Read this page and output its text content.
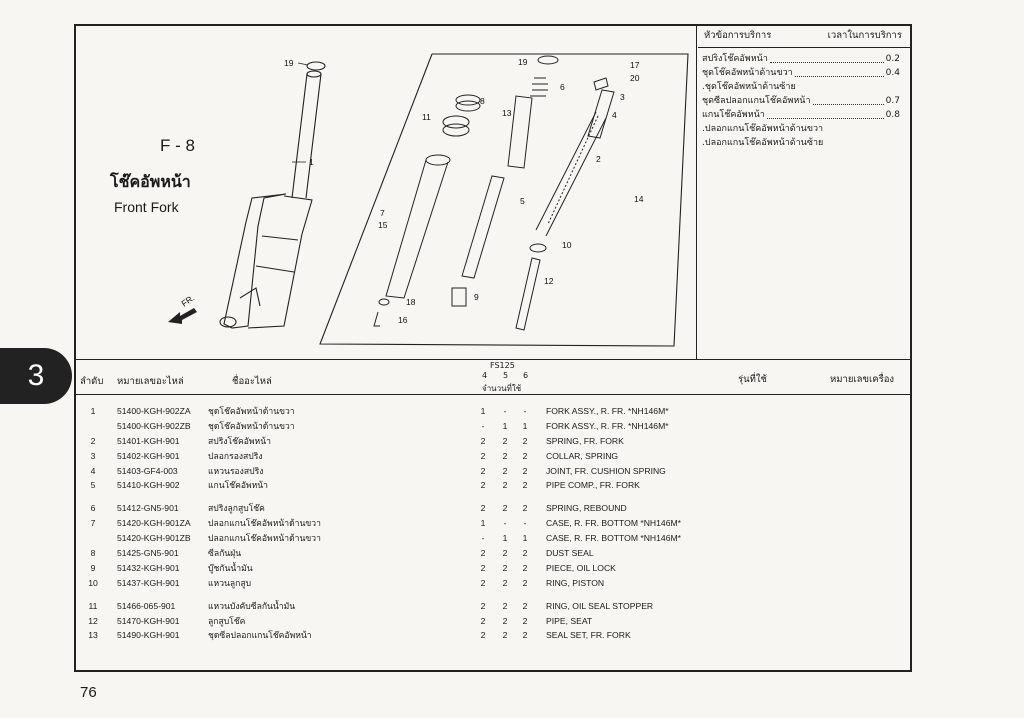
3
76
F - 8
โช๊คอัพหน้า
Front Fork
19
1
FR.
19
6
8
13
11
17
20
3
4
2
7
15
5	14
10
12
18	9
16
หัวข้อการบริการ	เวลาในการบริการ
สปริงโช๊คอัพหน้า	0.2
ชุดโช๊คอัพหน้าด้านขวา	0.4
.ชุดโช๊คอัพหน้าด้านซ้าย
ชุดซีลปลอกแกนโช๊คอัพหน้า	0.7
แกนโช๊คอัพหน้า	0.8
.ปลอกแกนโช๊คอัพหน้าด้านขวา
.ปลอกแกนโช๊คอัพหน้าด้านซ้าย
ลำดับ หมายเลขอะไหล่	ชื่ออะไหล่
FS125
4 5 6
จำนวนที่ใช้
รุ่นที่ใช้	หมายเลขเครื่อง
1	51400-KGH-902ZA ชุดโช๊คอัพหน้าด้านขวา	1	-	-	FORK ASSY., R. FR. *NH146M*
51400-KGH-902ZB ชุดโช๊คอัพหน้าด้านขวา	-	1	1	FORK ASSY., R. FR. *NH146M*
2	51401-KGH-901	สปริงโช๊คอัพหน้า	2	2	2	SPRING, FR. FORK
3	51402-KGH-901	ปลอกรองสปริง	2	2	2	COLLAR, SPRING
4	51403-GF4-003	แหวนรองสปริง	2	2	2	JOINT, FR. CUSHION SPRING
5	51410-KGH-902	แกนโช๊คอัพหน้า	2	2	2	PIPE COMP., FR. FORK
6	51412-GN5-901	สปริงลูกสูบโช๊ค	2	2	2	SPRING, REBOUND
7	51420-KGH-901ZA ปลอกแกนโช๊คอัพหน้าด้านขวา	1	-	-	CASE, R. FR. BOTTOM *NH146M*
51420-KGH-901ZB ปลอกแกนโช๊คอัพหน้าด้านขวา	-	1	1	CASE, R. FR. BOTTOM *NH146M*
8	51425-GN5-901	ซีลกันฝุ่น	2	2	2	DUST SEAL
9	51432-KGH-901	บู๊ชกันน้ำมัน	2	2	2	PIECE, OIL LOCK
10 51437-KGH-901	แหวนลูกสูบ	2	2	2	RING, PISTON
11 51466-065-901	แหวนบังคับซีลกันน้ำมัน	2	2	2	RING, OIL SEAL STOPPER
12 51470-KGH-901	ลูกสูบโช๊ค	2	2	2	PIPE, SEAT
13 51490-KGH-901	ชุดซีลปลอกแกนโช๊คอัพหน้า	2	2	2	SEAL SET, FR. FORK
